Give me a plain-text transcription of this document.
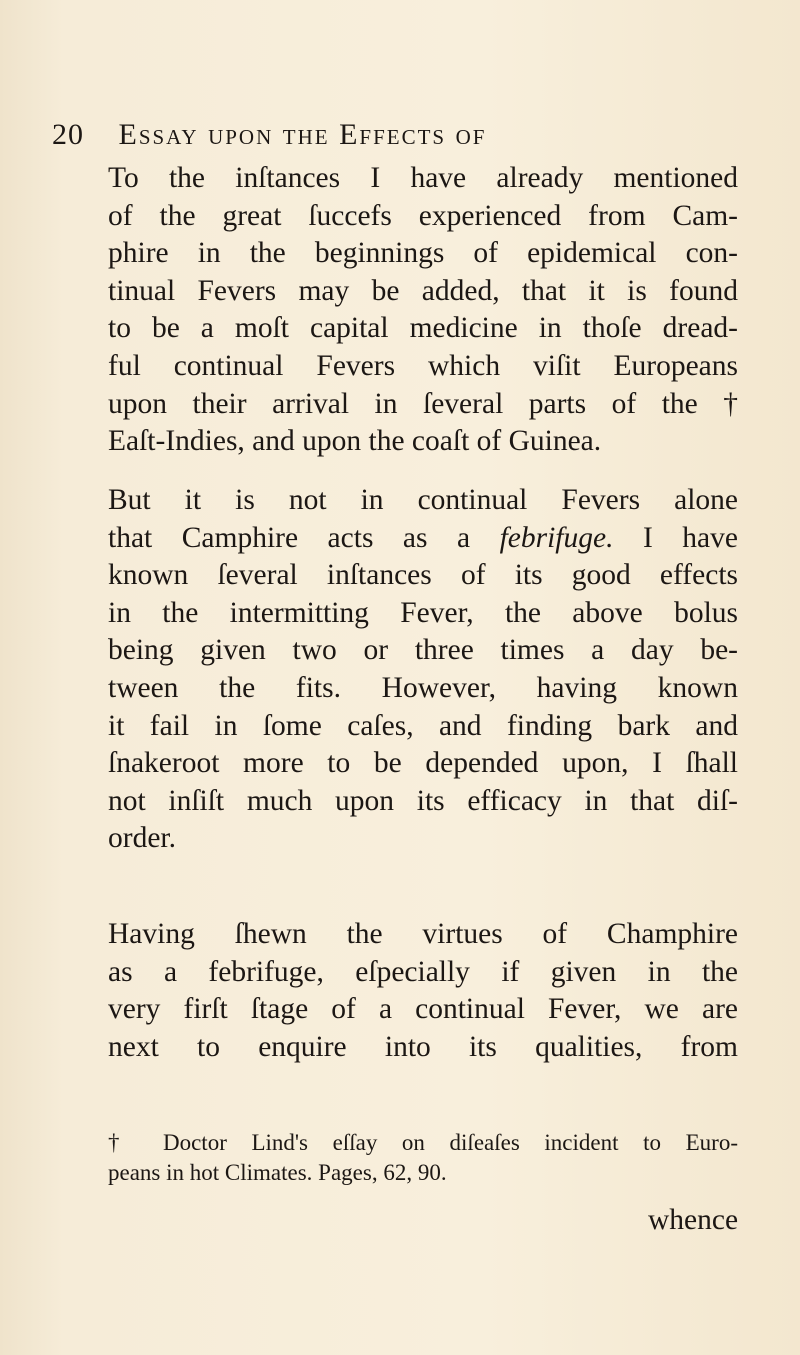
20 Essay upon the Effects of
To the inſtances I have already mentioned
of the great ſuccefs experienced from Cam-
phire in the beginnings of epidemical con-
tinual Fevers may be added, that it is found
to be a moſt capital medicine in thoſe dread-
ful continual Fevers which viſit Europeans
upon their arrival in ſeveral parts of the †
Eaſt-Indies, and upon the coaſt of Guinea.
But it is not in continual Fevers alone
that Camphire acts as a febrifuge. I have
known ſeveral inſtances of its good effects
in the intermitting Fever, the above bolus
being given two or three times a day be-
tween the fits. However, having known
it fail in ſome caſes, and finding bark and
ſnakeroot more to be depended upon, I ſhall
not inſiſt much upon its efficacy in that diſ-
order.
Having ſhewn the virtues of Champhire
as a febrifuge, eſpecially if given in the
very firſt ſtage of a continual Fever, we are
next to enquire into its qualities, from
† Doctor Lind's eſſay on diſeaſes incident to Euro-
peans in hot Climates. Pages, 62, 90.
whence
